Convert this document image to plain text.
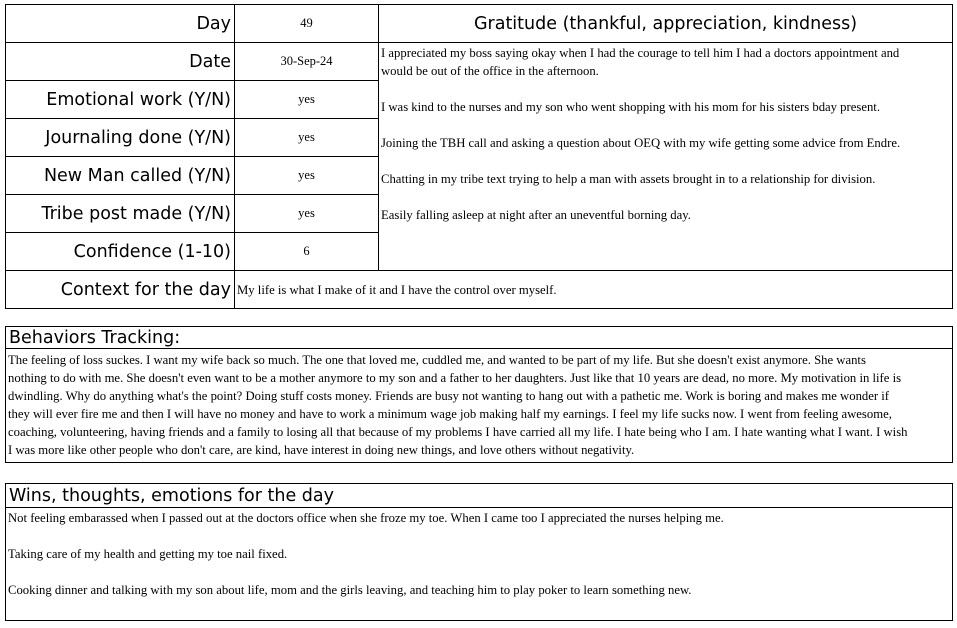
Day	49
Date	30-Sep-24
Emotional work (Y/N)	yes
Journaling done (Y/N)	yes
New Man called (Y/N)	yes
Tribe post made (Y/N)	yes
Confidence (1-10)	6
Context for the day My life is what I make of it and I have the control over myself.
Gratitude (thankful, appreciation, kindness)
I appreciated my boss saying okay when I had the courage to tell him I had a doctors appointment and
would be out of the office in the afternoon.
I was kind to the nurses and my son who went shopping with his mom for his sisters bday present.
Joining the TBH call and asking a question about OEQ with my wife getting some advice from Endre.
Chatting in my tribe text trying to help a man with assets brought in to a relationship for division.
Easily falling asleep at night after an uneventful borning day.
Behaviors Tracking:
The feeling of loss suckes. I want my wife back so much. The one that loved me, cuddled me, and wanted to be part of my life. But she doesn't exist anymore. She wants
nothing to do with me. She doesn't even want to be a mother anymore to my son and a father to her daughters. Just like that 10 years are dead, no more. My motivation in life is
dwindling. Why do anything what's the point? Doing stuff costs money. Friends are busy not wanting to hang out with a pathetic me. Work is boring and makes me wonder if
they will ever fire me and then I will have no money and have to work a minimum wage job making half my earnings. I feel my life sucks now. I went from feeling awesome,
coaching, volunteering, having friends and a family to losing all that because of my problems I have carried all my life. I hate being who I am. I hate wanting what I want. I wish
I was more like other people who don't care, are kind, have interest in doing new things, and love others without negativity.
Wins, thoughts, emotions for the day
Not feeling embarassed when I passed out at the doctors office when she froze my toe. When I came too I appreciated the nurses helping me.
Taking care of my health and getting my toe nail fixed.
Cooking dinner and talking with my son about life, mom and the girls leaving, and teaching him to play poker to learn something new.
